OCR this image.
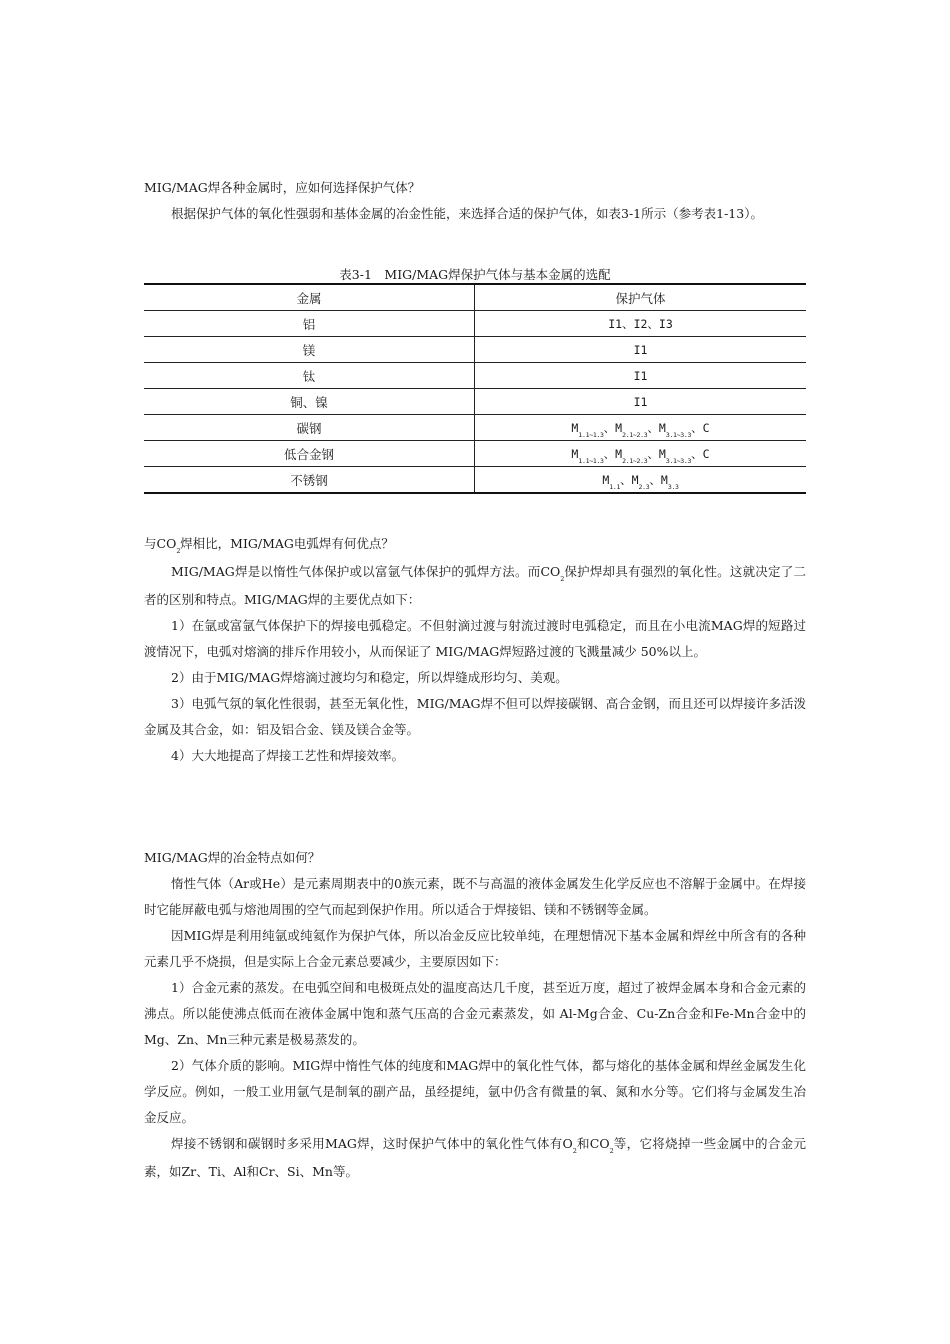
MIG/MAG焊各种金属时，应如何选择保护气体？

根据保护气体的氧化性强弱和基体金属的冶金性能，来选择合适的保护气体，如表3-1所示（参考表1-13）。

表3-1　MIG/MAG焊保护气体与基本金属的选配
金属	保护气体
铝	I1、I2、I3
镁	I1
钛	I1
铜、镍	I1
碳钢	$M_{1.1\sim 1.3}$、$M_{2.1\sim 2.3}$、$M_{3.1\sim 3.3}$、C
低合金钢	$M_{1.1\sim 1.3}$、$M_{2.1\sim 2.3}$、$M_{3.1\sim 3.3}$、C
不锈钢	$M_{1.1}$、$M_{2.3}$、$M_{3.3}$

与$CO_2$焊相比，MIG/MAG电弧焊有何优点？

MIG/MAG焊是以惰性气体保护或以富氩气体保护的弧焊方法。而$CO_2$保护焊却具有强烈的氧化性。这就决定了二者的区别和特点。MIG/MAG焊的主要优点如下：

1）在氩或富氩气体保护下的焊接电弧稳定。不但射滴过渡与射流过渡时电弧稳定，而且在小电流MAG焊的短路过渡情况下，电弧对熔滴的排斥作用较小，从而保证了 MIG/MAG焊短路过渡的飞溅量减少 50%以上。

2）由于MIG/MAG焊熔滴过渡均匀和稳定，所以焊缝成形均匀、美观。

3）电弧气氛的氧化性很弱，甚至无氧化性，MIG/MAG焊不但可以焊接碳钢、高合金钢，而且还可以焊接许多活泼金属及其合金，如：铝及铝合金、镁及镁合金等。

4）大大地提高了焊接工艺性和焊接效率。

MIG/MAG焊的冶金特点如何？

惰性气体（Ar或He）是元素周期表中的0族元素，既不与高温的液体金属发生化学反应也不溶解于金属中。在焊接时它能屏蔽电弧与熔池周围的空气而起到保护作用。所以适合于焊接铝、镁和不锈钢等金属。

因MIG焊是利用纯氩或纯氦作为保护气体，所以冶金反应比较单纯，在理想情况下基本金属和焊丝中所含有的各种元素几乎不烧损，但是实际上合金元素总要减少，主要原因如下：

1）合金元素的蒸发。在电弧空间和电极斑点处的温度高达几千度，甚至近万度，超过了被焊金属本身和合金元素的沸点。所以能使沸点低而在液体金属中饱和蒸气压高的合金元素蒸发，如 Al-Mg合金、Cu-Zn合金和Fe-Mn合金中的Mg、Zn、Mn三种元素是极易蒸发的。

2）气体介质的影响。MIG焊中惰性气体的纯度和MAG焊中的氧化性气体，都与熔化的基体金属和焊丝金属发生化学反应。例如，一般工业用氩气是制氧的副产品，虽经提纯，氩中仍含有微量的氧、氮和水分等。它们将与金属发生冶金反应。

焊接不锈钢和碳钢时多采用MAG焊，这时保护气体中的氧化性气体有$O_2$和$CO_2$等，它将烧掉一些金属中的合金元素，如Zr、Ti、Al和Cr、Si、Mn等。
